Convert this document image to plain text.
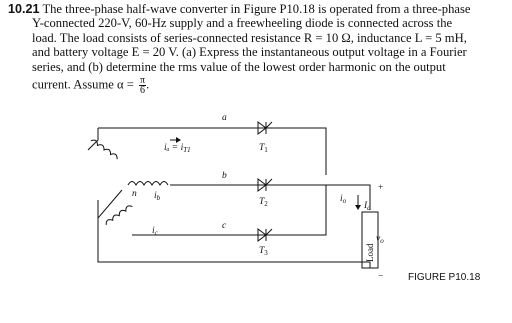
10.21 The three-phase half-wave converter in Figure P10.18 is operated from a three-phase
Y-connected 220-V, 60-Hz supply and a freewheeling diode is connected across the
load. The load consists of series-connected resistance R = 10 Ω, inductance L = 5 mH,
and battery voltage E = 20 V. (a) Express the instantaneous output voltage in a Fourier
series, and (b) determine the rms value of the lowest order harmonic on the output
current. Assume $\alpha = \frac{\pi}{6}$ .
a
b
c
n
$i_a = i_{T1}$
$i_b$
$i_c$
$T_1$
$T_2$
$T_3$
$i_o$ $I_a$
$v_o$
+
−
Load
FIGURE P10.18
